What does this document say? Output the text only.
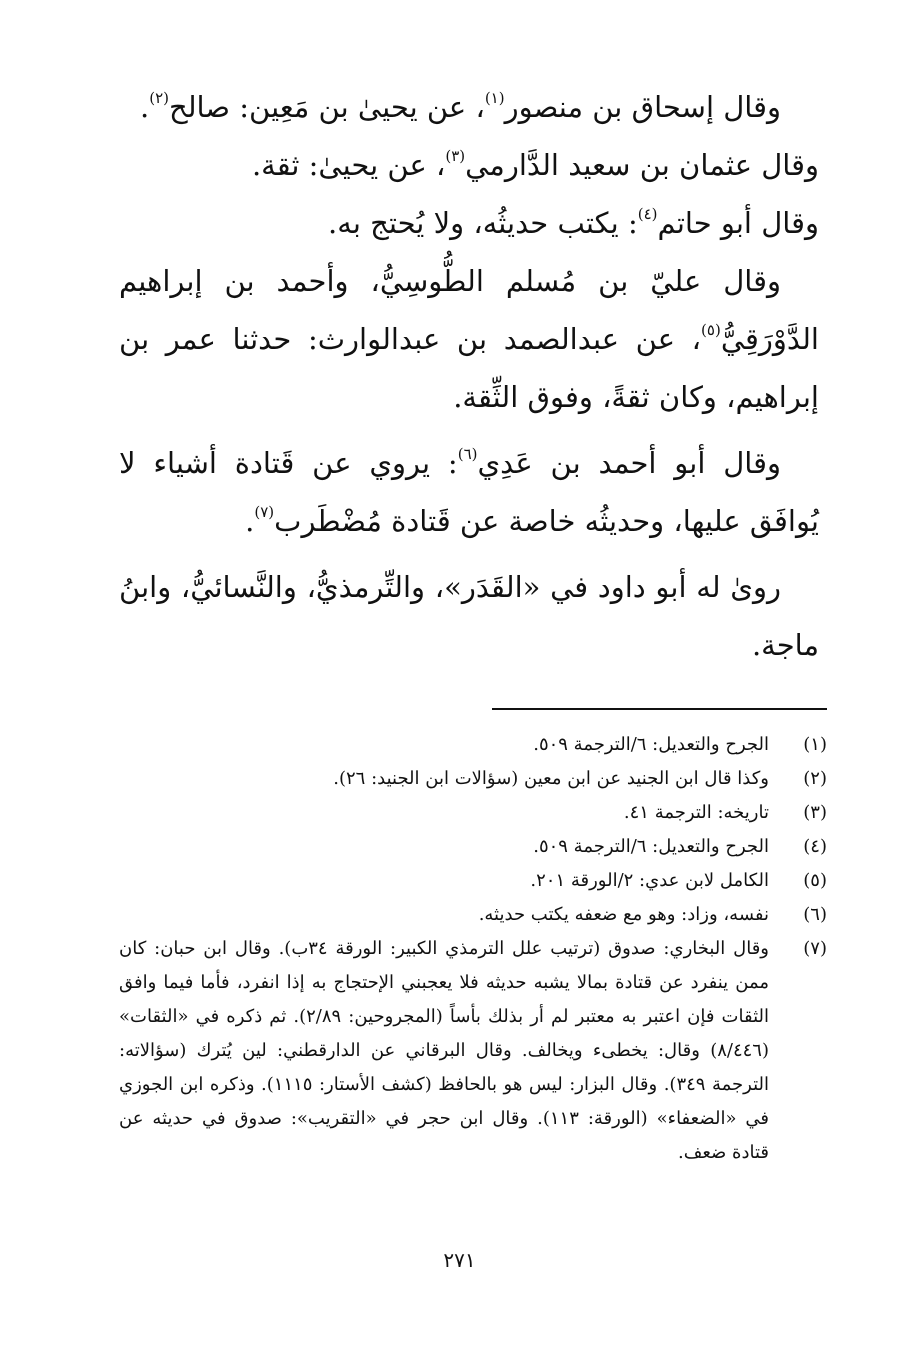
وقال إسحاق بن منصور$^{(١)}$، عن يحيىٰ بن مَعِين: صالح$^{(٢)}$.
وقال عثمان بن سعيد الدَّارمي$^{(٣)}$، عن يحيىٰ: ثقة.
وقال أبو حاتم$^{(٤)}$: يكتب حديثُه، ولا يُحتج به.

وقال عليّ بن مُسلم الطُّوسِيُّ، وأحمد بن إبراهيم الدَّوْرَقِيُّ$^{(٥)}$، عن عبدالصمد بن عبدالوارث: حدثنا عمر بن إبراهيم، وكان ثقةً، وفوق الثِّقة.

وقال أبو أحمد بن عَدِي$^{(٦)}$: يروي عن قَتادة أشياء لا يُوافَق عليها، وحديثُه خاصة عن قَتادة مُضْطَرب$^{(٧)}$.

روىٰ له أبو داود في «القَدَر»، والتِّرمذيُّ، والنَّسائيُّ، وابنُ ماجة.

(١)
الجرح والتعديل: ٦/الترجمة ٥٠٩.
(٢)
وكذا قال ابن الجنيد عن ابن معين (سؤالات ابن الجنيد: ٢٦).
(٣)
تاريخه: الترجمة ٤١.
(٤)
الجرح والتعديل: ٦/الترجمة ٥٠٩.
(٥)
الكامل لابن عدي: ٢/الورقة ٢٠١.
(٦)
نفسه، وزاد: وهو مع ضعفه يكتب حديثه.
(٧)
وقال البخاري: صدوق (ترتيب علل الترمذي الكبير: الورقة ٣٤ب). وقال ابن حبان: كان ممن ينفرد عن قتادة بمالا يشبه حديثه فلا يعجبني الإحتجاج به إذا انفرد، فأما فيما وافق الثقات فإن اعتبر به معتبر لم أر بذلك بأساً (المجروحين: ٢/٨٩). ثم ذكره في «الثقات» (٨/٤٤٦) وقال: يخطىء ويخالف. وقال البرقاني عن الدارقطني: لين يُترك (سؤالاته: الترجمة ٣٤٩). وقال البزار: ليس هو بالحافظ (كشف الأستار: ١١١٥). وذكره ابن الجوزي في «الضعفاء» (الورقة: ١١٣). وقال ابن حجر في «التقريب»: صدوق في حديثه عن قتادة ضعف.
٢٧١
